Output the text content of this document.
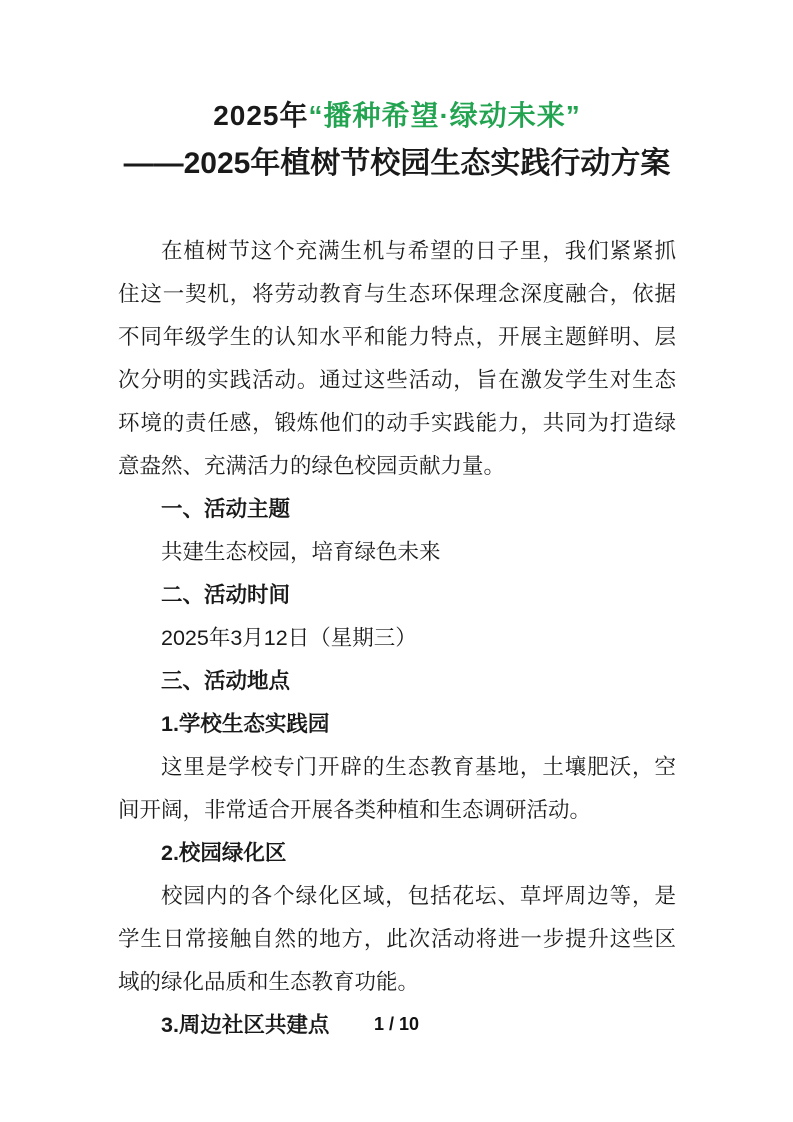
2025年“播种希望·绿动未来”
——2025年植树节校园生态实践行动方案

在植树节这个充满生机与希望的日子里，我们紧紧抓住这一契机，将劳动教育与生态环保理念深度融合，依据不同年级学生的认知水平和能力特点，开展主题鲜明、层次分明的实践活动。通过这些活动，旨在激发学生对生态环境的责任感，锻炼他们的动手实践能力，共同为打造绿意盎然、充满活力的绿色校园贡献力量。

一、活动主题

共建生态校园，培育绿色未来

二、活动时间

2025年3月12日（星期三）

三、活动地点

1.学校生态实践园

这里是学校专门开辟的生态教育基地，土壤肥沃，空间开阔，非常适合开展各类种植和生态调研活动。

2.校园绿化区

校园内的各个绿化区域，包括花坛、草坪周边等，是学生日常接触自然的地方，此次活动将进一步提升这些区域的绿化品质和生态教育功能。

3.周边社区共建点	1 / 10
